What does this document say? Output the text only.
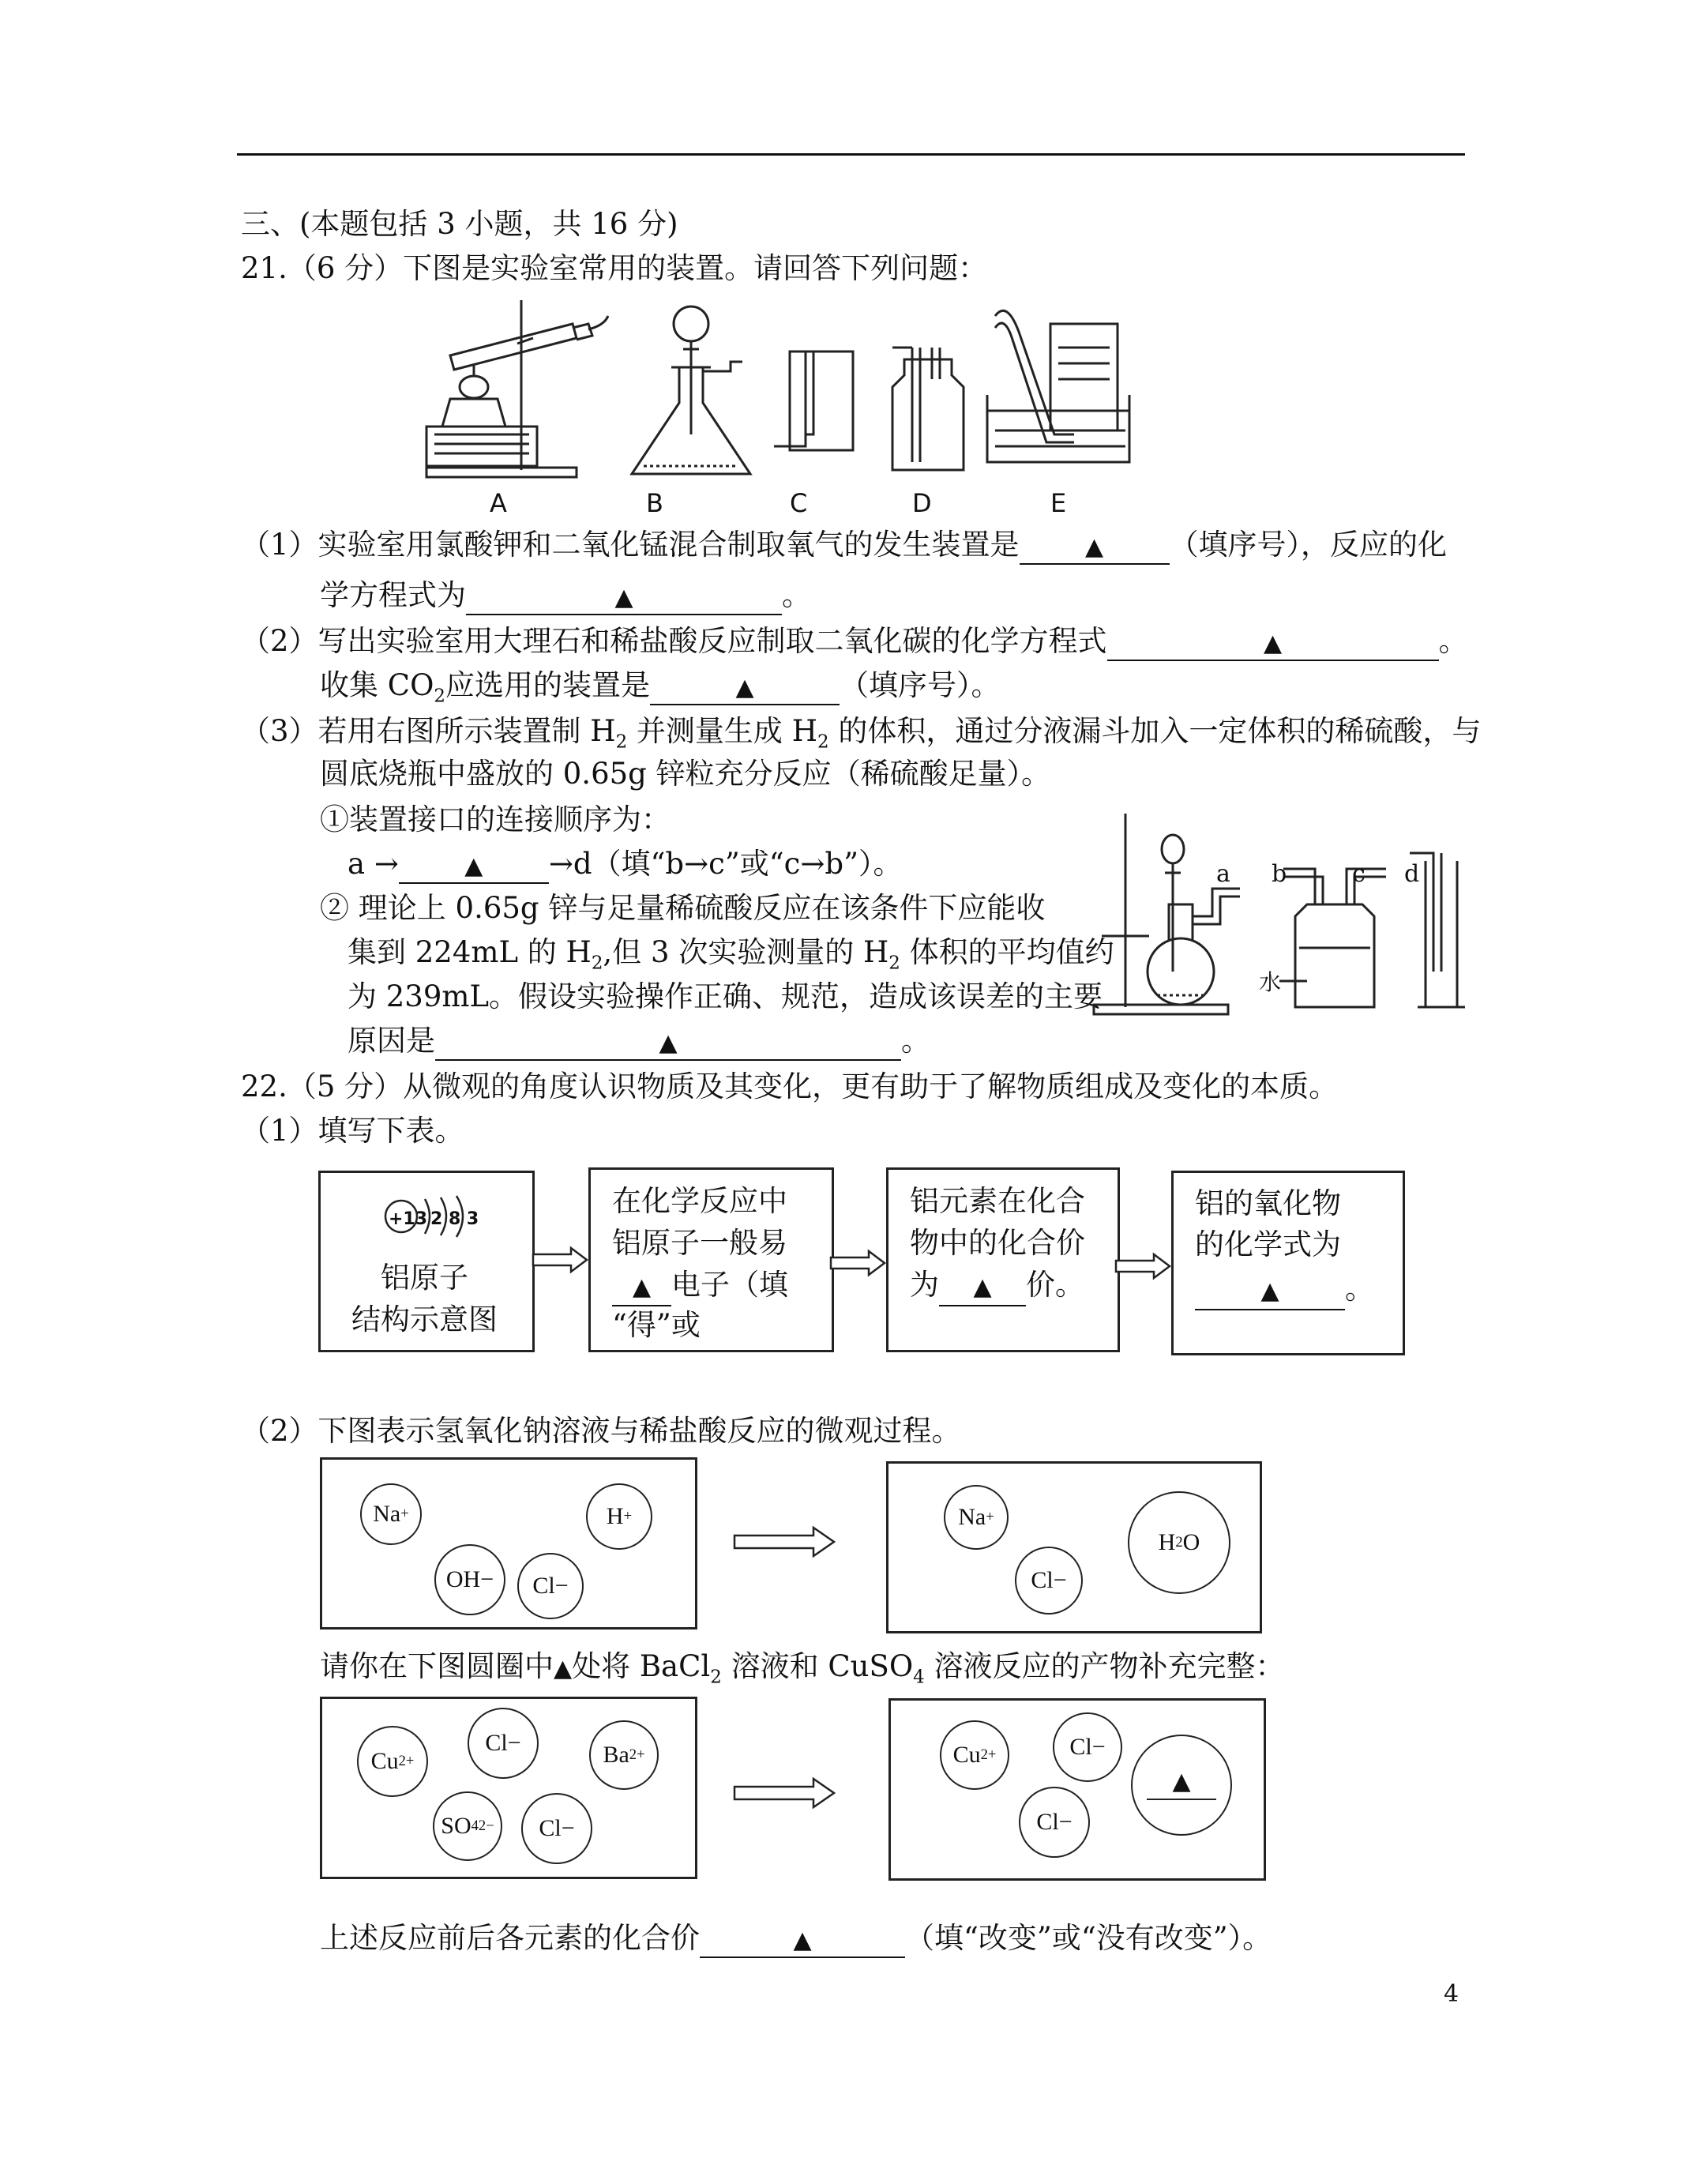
三、(本题包括 3 小题，共 16 分)
21.（6 分）下图是实验室常用的装置。请回答下列问题：
A	B	C	D	E
（1）实验室用氯酸钾和二氧化锰混合制取氧气的发生装置是	▲ （填序号），反应的化
学方程式为	▲	。
（2）写出实验室用大理石和稀盐酸反应制取二氧化碳的化学方程式	▲	。
收集 $CO_2$应选用的装置是	▲	（填序号）。
（3）若用右图所示装置制 $H_2$ 并测量生成 $H_2$ 的体积，通过分液漏斗加入一定体积的稀硫酸，与
圆底烧瓶中盛放的 0.65g 锌粒充分反应（稀硫酸足量）。
①装置接口的连接顺序为：
a →	▲ →d（填“b→c”或“c→b”）。
② 理论上 0.65g 锌与足量稀硫酸反应在该条件下应能收
集到 224mL 的 $H_2$,但 3 次实验测量的 $H_2$ 体积的平均值约
为 239mL。假设实验操作正确、规范，造成该误差的主要
原因是	▲	。
a b	c d
水
22.（5 分）从微观的角度认识物质及其变化，更有助于了解物质组成及变化的本质。
（1）填写下表。
+13 2 8 3
铝原子
结构示意图
在化学反应中
铝原子一般易
▲ 电子（填
“得”或
铝元素在化合
物中的化合价
为 ▲ 价。
铝的氧化物
的化学式为
▲ 。
（2）下图表示氢氧化钠溶液与稀盐酸反应的微观过程。
Na +	H +
OH −	Cl −
Na +
Cl −
H 2 O
请你在下图圆圈中▲处将 BaCl$_2$ 溶液和 CuSO$_4$ 溶液反应的产物补充完整：
Cu 2+
Cl −	Ba 2+
SO 4 2−	Cl −
Cu 2+	Cl −
Cl −
▲
上述反应前后各元素的化合价	▲	（填“改变”或“没有改变”）。
4
